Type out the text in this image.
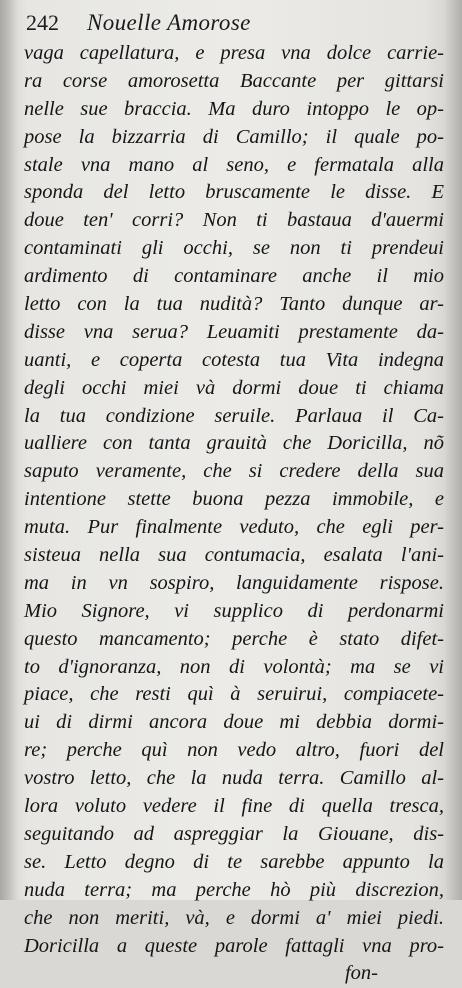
242 Nouelle Amorose
vaga capellatura, e presa vna dolce carrie-
ra corse amorosetta Baccante per gittarsi
nelle sue braccia. Ma duro intoppo le op-
pose la bizzarria di Camillo; il quale po-
stale vna mano al seno, e fermatala alla
sponda del letto bruscamente le disse. E
doue ten' corri? Non ti bastaua d'auermi
contaminati gli occhi, se non ti prendeui
ardimento di contaminare anche il mio
letto con la tua nudità? Tanto dunque ar-
disse vna serua? Leuamiti prestamente da-
uanti, e coperta cotesta tua Vita indegna
degli occhi miei và dormi doue ti chiama
la tua condizione seruile. Parlaua il Ca-
ualliere con tanta grauità che Doricilla, nõ
saputo veramente, che si credere della sua
intentione stette buona pezza immobile, e
muta. Pur finalmente veduto, che egli per-
sisteua nella sua contumacia, esalata l'ani-
ma in vn sospiro, languidamente rispose.
Mio Signore, vi supplico di perdonarmi
questo mancamento; perche è stato difet-
to d'ignoranza, non di volontà; ma se vi
piace, che resti quì à seruirui, compiacete-
ui di dirmi ancora doue mi debbia dormi-
re; perche quì non vedo altro, fuori del
vostro letto, che la nuda terra. Camillo al-
lora voluto vedere il fine di quella tresca,
seguitando ad aspreggiar la Giouane, dis-
se. Letto degno di te sarebbe appunto la
nuda terra; ma perche hò più discrezion,
che non meriti, và, e dormi a' miei piedi.
Doricilla a queste parole fattagli vna pro-
fon-
